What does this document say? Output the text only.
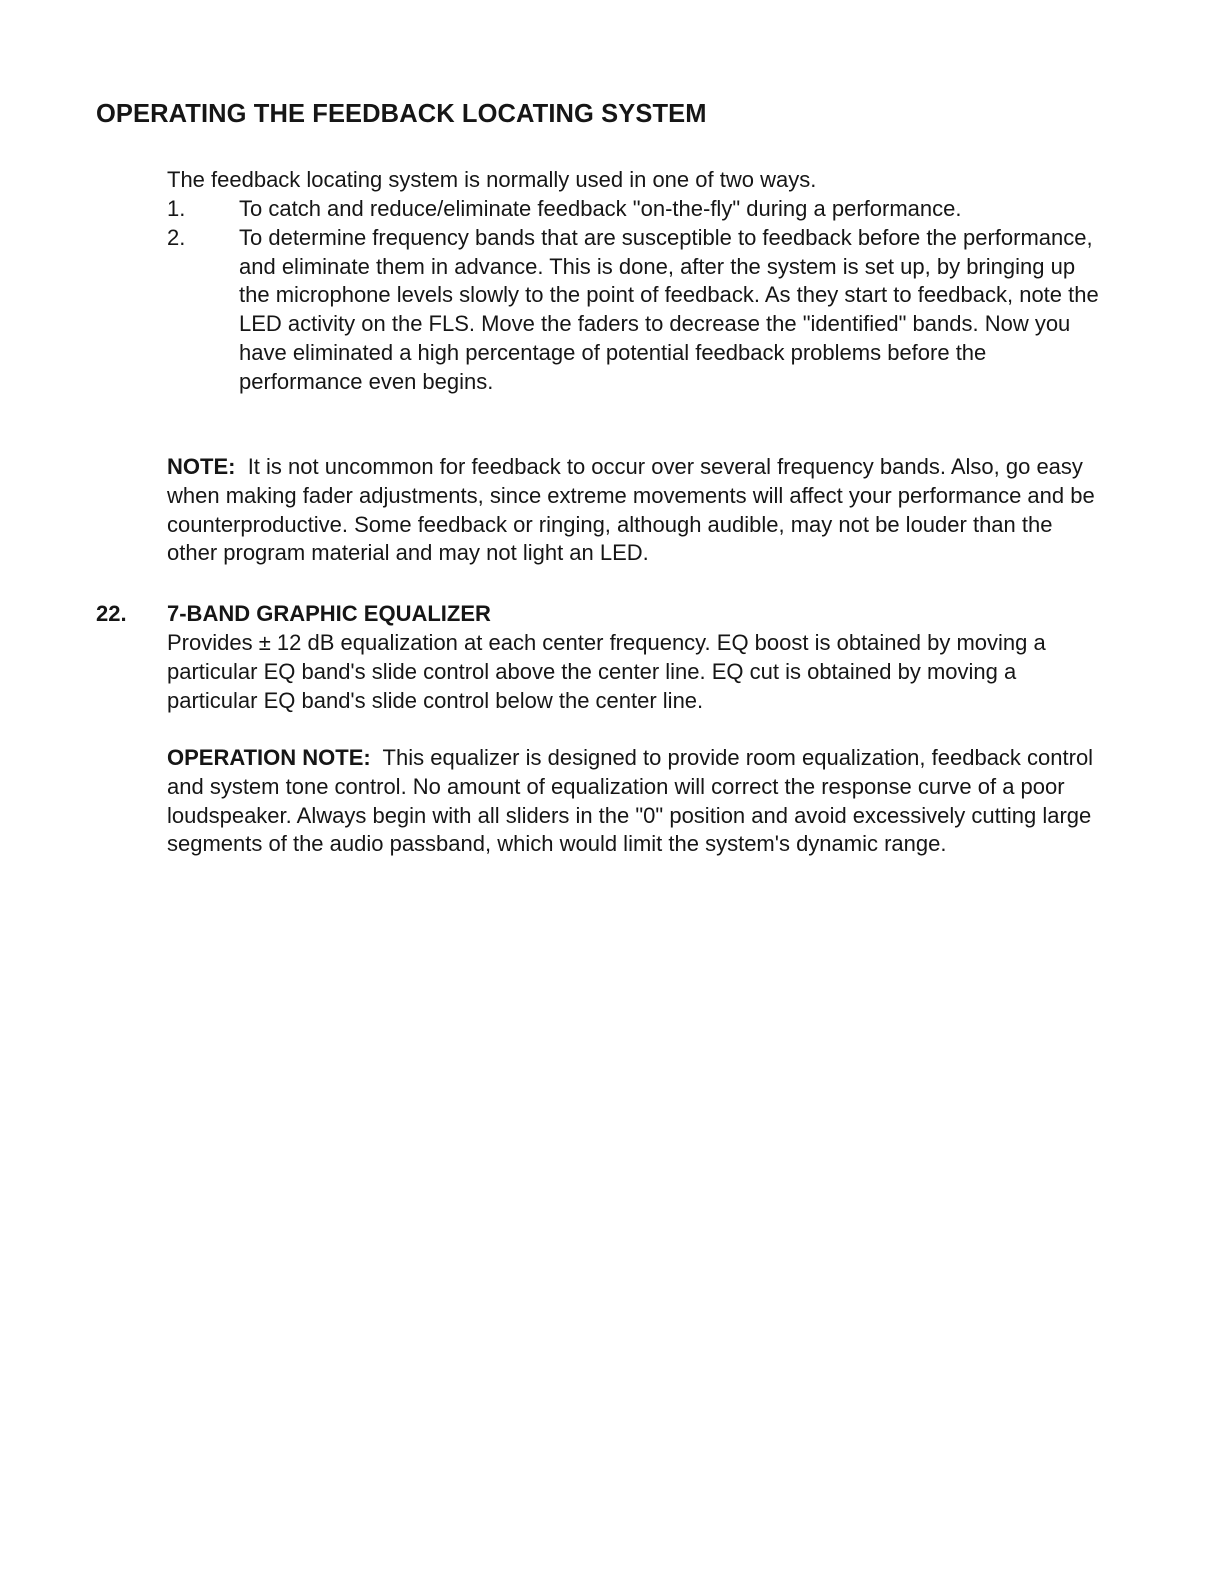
OPERATING THE FEEDBACK LOCATING SYSTEM

The feedback locating system is normally used in one of two ways.

1.	To catch and reduce/eliminate feedback "on-the-fly" during a performance.
2.	To determine frequency bands that are susceptible to feedback before the performance, and eliminate them in advance. This is done, after the system is set up, by bringing up the microphone levels slowly to the point of feedback. As they start to feedback, note the LED activity on the FLS. Move the faders to decrease the "identified" bands. Now you have eliminated a high percentage of potential feedback problems before the performance even begins.

NOTE: It is not uncommon for feedback to occur over several frequency bands. Also, go easy when making fader adjustments, since extreme movements will affect your performance and be counterproductive. Some feedback or ringing, although audible, may not be louder than the other program material and may not light an LED.

22. 7-BAND GRAPHIC EQUALIZER

Provides ± 12 dB equalization at each center frequency. EQ boost is obtained by moving a particular EQ band's slide control above the center line. EQ cut is obtained by moving a particular EQ band's slide control below the center line.

OPERATION NOTE: This equalizer is designed to provide room equalization, feedback control and system tone control. No amount of equalization will correct the response curve of a poor loudspeaker. Always begin with all sliders in the "0" position and avoid excessively cutting large segments of the audio passband, which would limit the system's dynamic range.
